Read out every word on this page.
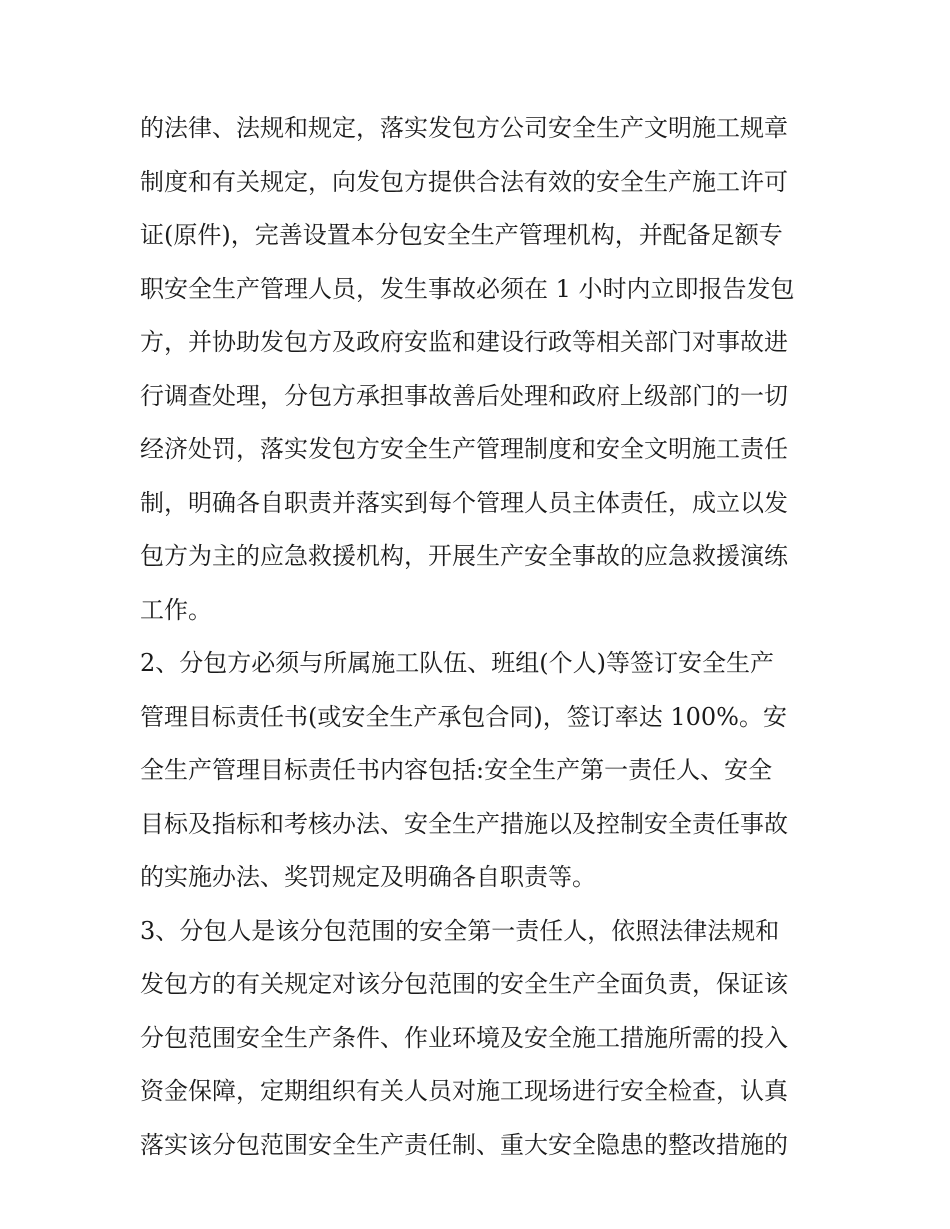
的法律、法规和规定，落实发包方公司安全生产文明施工规章
制度和有关规定，向发包方提供合法有效的安全生产施工许可
证(原件)，完善设置本分包安全生产管理机构，并配备足额专
职安全生产管理人员，发生事故必须在 1 小时内立即报告发包
方，并协助发包方及政府安监和建设行政等相关部门对事故进
行调查处理，分包方承担事故善后处理和政府上级部门的一切
经济处罚，落实发包方安全生产管理制度和安全文明施工责任
制，明确各自职责并落实到每个管理人员主体责任，成立以发
包方为主的应急救援机构，开展生产安全事故的应急救援演练
工作。
2、分包方必须与所属施工队伍、班组(个人)等签订安全生产
管理目标责任书(或安全生产承包合同)，签订率达 100%。安
全生产管理目标责任书内容包括:安全生产第一责任人、安全
目标及指标和考核办法、安全生产措施以及控制安全责任事故
的实施办法、奖罚规定及明确各自职责等。
3、分包人是该分包范围的安全第一责任人，依照法律法规和
发包方的有关规定对该分包范围的安全生产全面负责，保证该
分包范围安全生产条件、作业环境及安全施工措施所需的投入
资金保障，定期组织有关人员对施工现场进行安全检查，认真
落实该分包范围安全生产责任制、重大安全隐患的整改措施的
